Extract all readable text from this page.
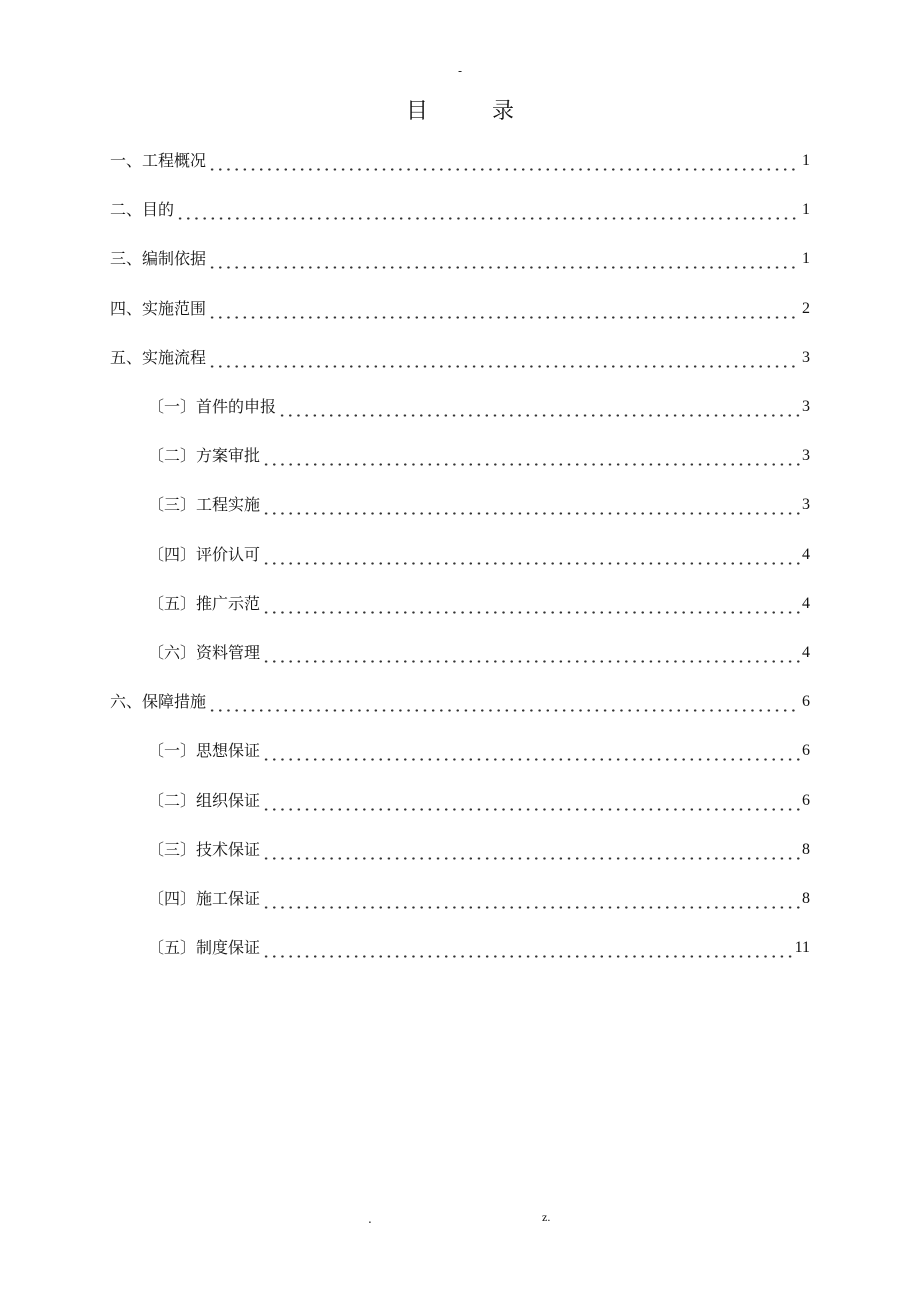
-
目录
一、工程概况	1
二、目的	1
三、编制依据	1
四、实施范围	2
五、实施流程	3
〔一〕首件的申报	3
〔二〕方案审批	3
〔三〕工程实施	3
〔四〕评价认可	4
〔五〕推广示范	4
〔六〕资料管理	4
六、保障措施	6
〔一〕思想保证	6
〔二〕组织保证	6
〔三〕技术保证	8
〔四〕施工保证	8
〔五〕制度保证	11
.	z.
